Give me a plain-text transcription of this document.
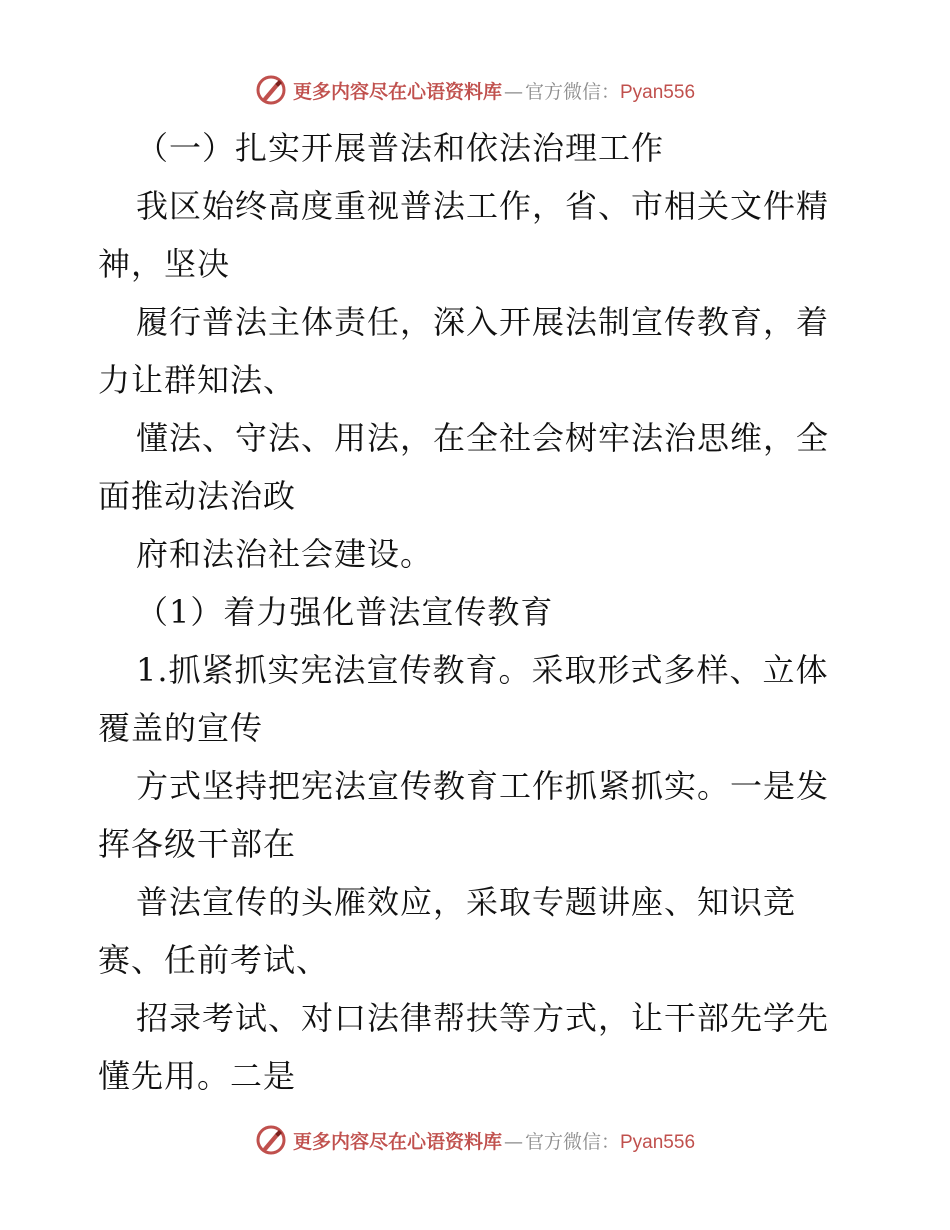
更多内容尽在心语资料库 — 官方微信： Pyan556
（一）扎实开展普法和依法治理工作
我区始终高度重视普法工作，省、市相关文件精
神，坚决
履行普法主体责任，深入开展法制宣传教育，着
力让群知法、
懂法、守法、用法，在全社会树牢法治思维，全
面推动法治政
府和法治社会建设。
（1）着力强化普法宣传教育
1.抓紧抓实宪法宣传教育。采取形式多样、立体
覆盖的宣传
方式坚持把宪法宣传教育工作抓紧抓实。一是发
挥各级干部在
普法宣传的头雁效应，采取专题讲座、知识竞
赛、任前考试、
招录考试、对口法律帮扶等方式，让干部先学先
懂先用。二是
更多内容尽在心语资料库 — 官方微信： Pyan556
